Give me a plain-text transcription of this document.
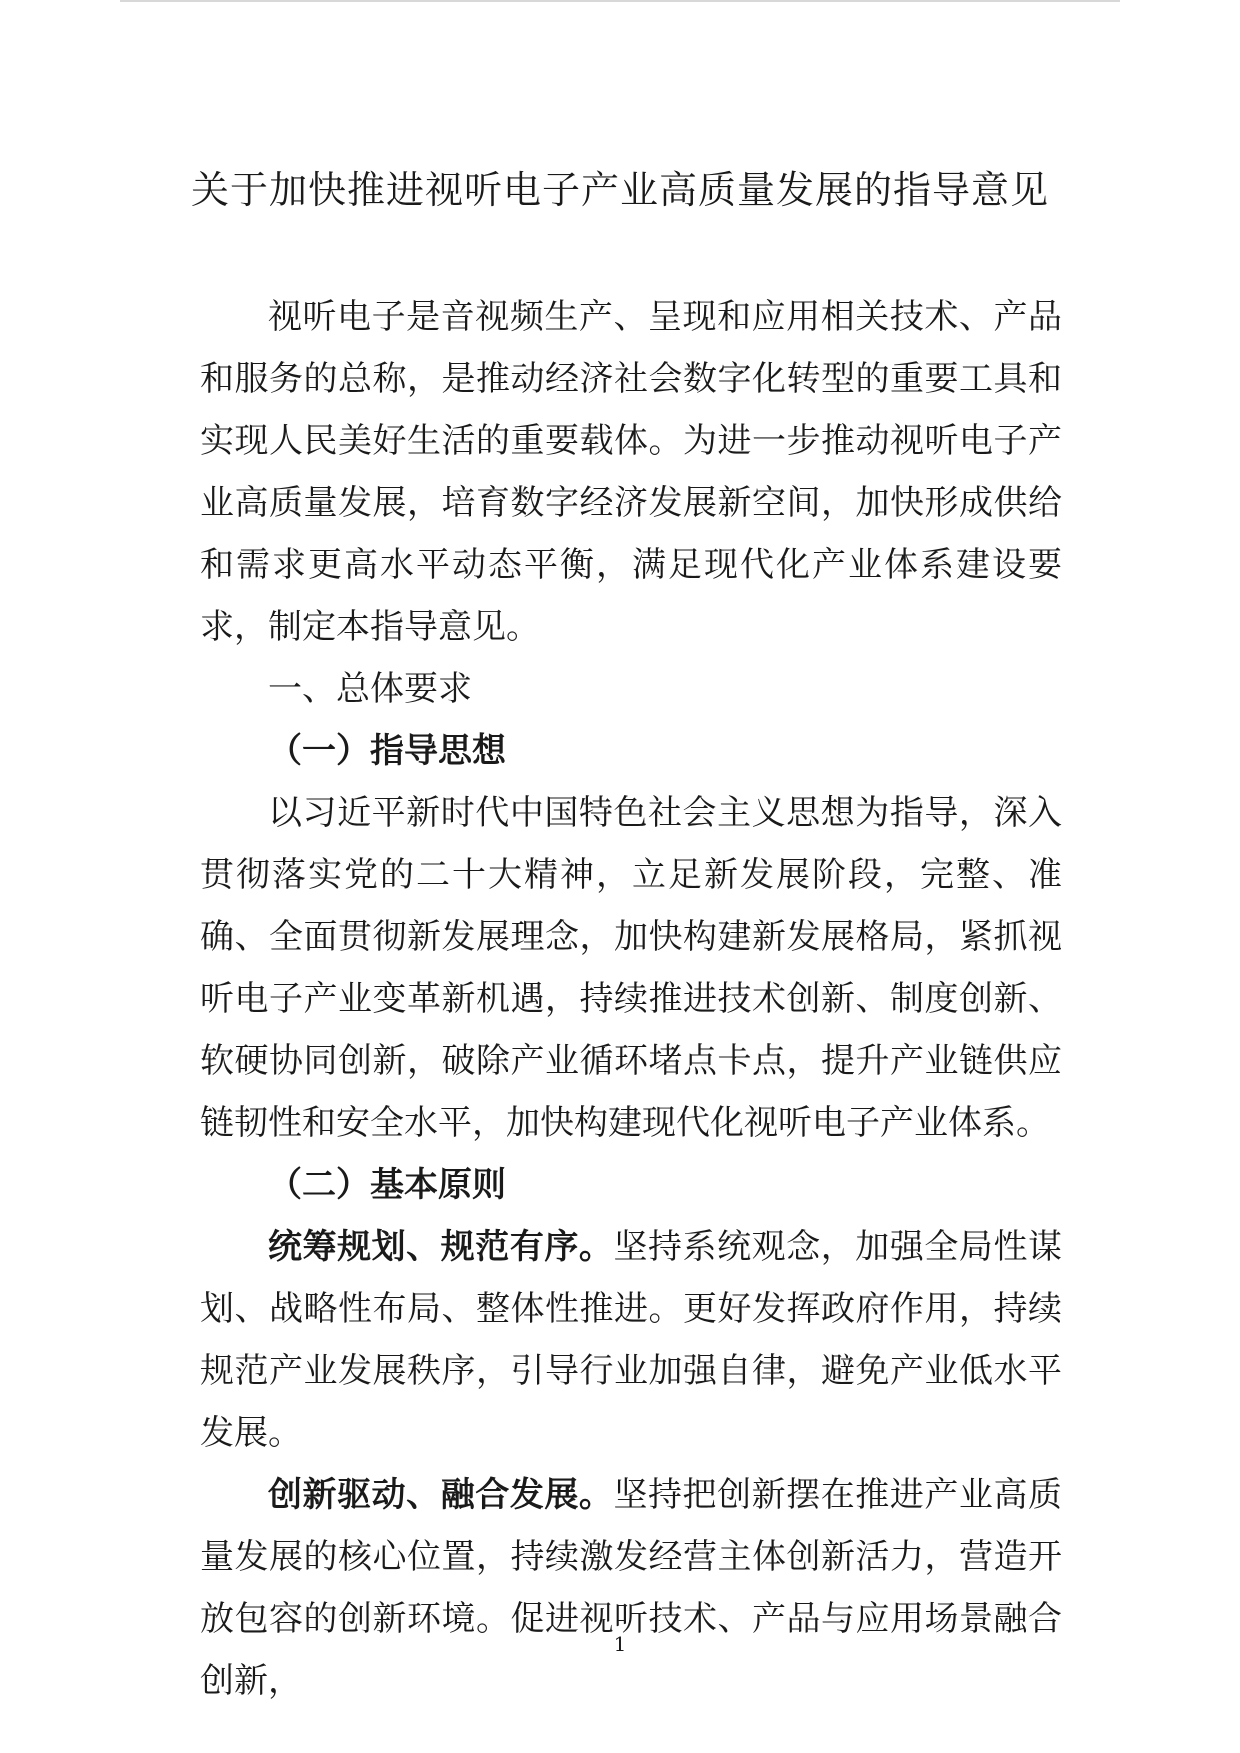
关于加快推进视听电子产业高质量发展的指导意见

视听电子是音视频生产、呈现和应用相关技术、产品和服务的总称，是推动经济社会数字化转型的重要工具和实现人民美好生活的重要载体。为进一步推动视听电子产业高质量发展，培育数字经济发展新空间，加快形成供给和需求更高水平动态平衡，满足现代化产业体系建设要求，制定本指导意见。

一、总体要求

（一）指导思想

以习近平新时代中国特色社会主义思想为指导，深入贯彻落实党的二十大精神，立足新发展阶段，完整、准确、全面贯彻新发展理念，加快构建新发展格局，紧抓视听电子产业变革新机遇，持续推进技术创新、制度创新、软硬协同创新，破除产业循环堵点卡点，提升产业链供应链韧性和安全水平，加快构建现代化视听电子产业体系。

（二）基本原则

统筹规划、规范有序。坚持系统观念，加强全局性谋划、战略性布局、整体性推进。更好发挥政府作用，持续规范产业发展秩序，引导行业加强自律，避免产业低水平发展。

创新驱动、融合发展。坚持把创新摆在推进产业高质量发展的核心位置，持续激发经营主体创新活力，营造开放包容的创新环境。促进视听技术、产品与应用场景融合创新，

1
